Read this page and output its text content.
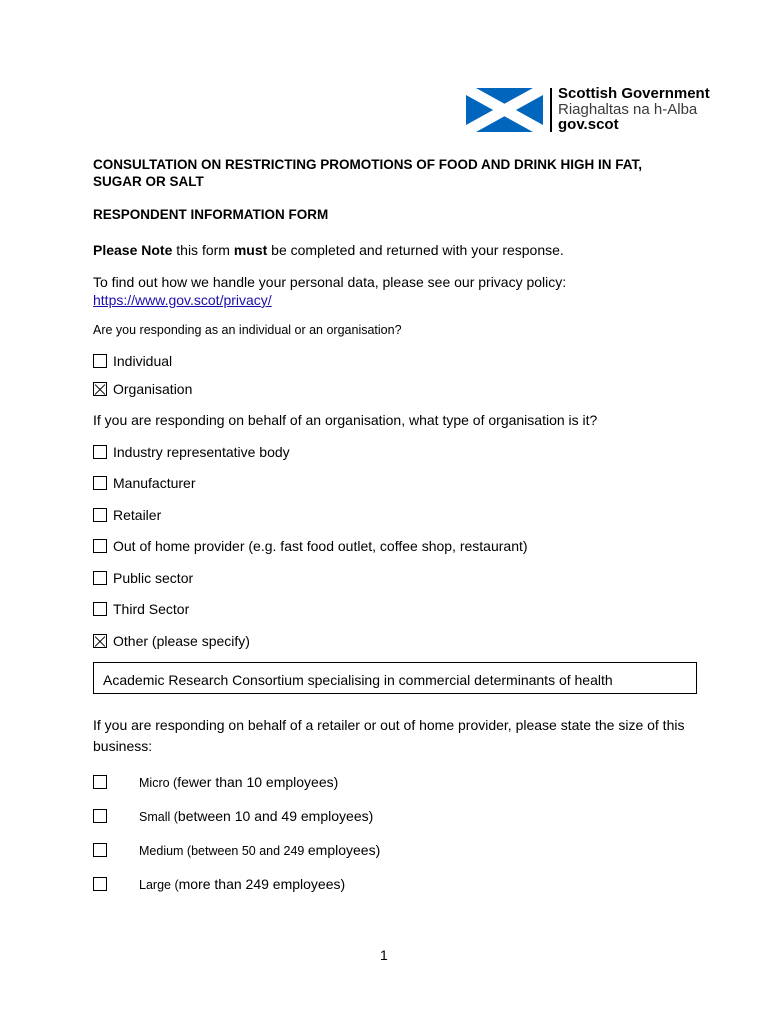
Scottish Government
Riaghaltas na h-Alba
gov.scot
CONSULTATION ON RESTRICTING PROMOTIONS OF FOOD AND DRINK HIGH IN FAT, SUGAR OR SALT
RESPONDENT INFORMATION FORM
Please Note this form must be completed and returned with your response.
To find out how we handle your personal data, please see our privacy policy:
https://www.gov.scot/privacy/
Are you responding as an individual or an organisation?
Individual
Organisation
If you are responding on behalf of an organisation, what type of organisation is it?
Industry representative body
Manufacturer
Retailer
Out of home provider (e.g. fast food outlet, coffee shop, restaurant)
Public sector
Third Sector
Other (please specify)
Academic Research Consortium specialising in commercial determinants of health
If you are responding on behalf of a retailer or out of home provider, please state the size of this business:
Micro (fewer than 10 employees)
Small (between 10 and 49 employees)
Medium (between 50 and 249 employees)
Large (more than 249 employees)
1
